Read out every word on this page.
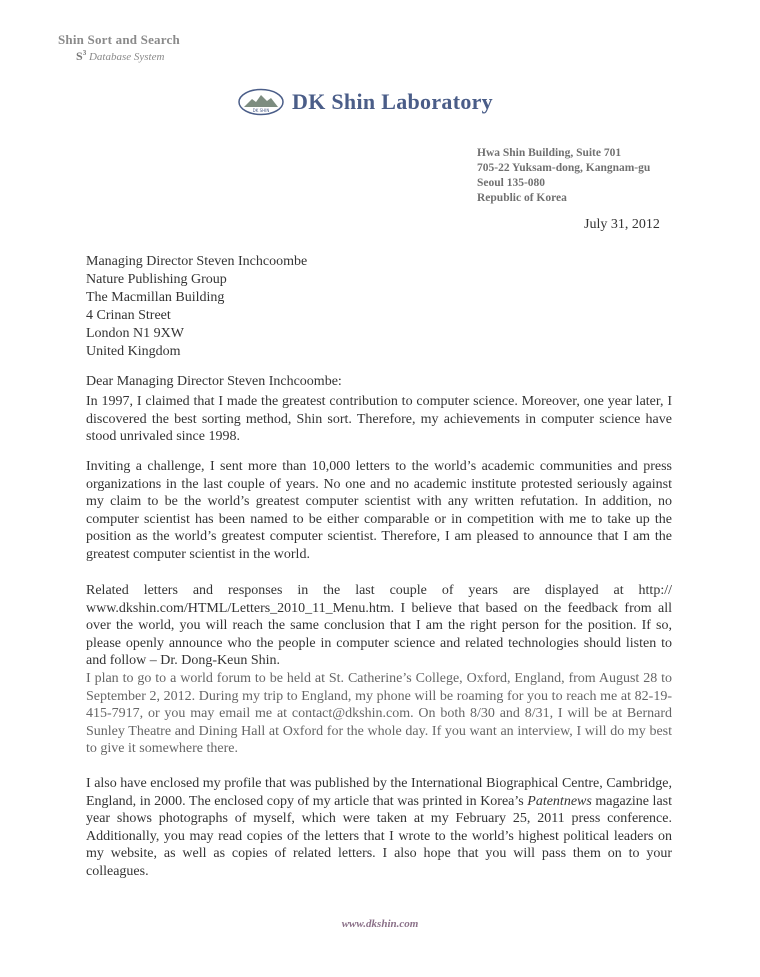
Shin Sort and Search
$S^3$ Database System
DK SHIN DK Shin Laboratory
Hwa Shin Building, Suite 701
705-22 Yuksam-dong, Kangnam-gu
Seoul 135-080
Republic of Korea
July 31, 2012
Managing Director Steven Inchcoombe
Nature Publishing Group
The Macmillan Building
4 Crinan Street
London N1 9XW
United Kingdom
Dear Managing Director Steven Inchcoombe:

In 1997, I claimed that I made the greatest contribution to computer science. Moreover, one year later, I discovered the best sorting method, Shin sort. Therefore, my achievements in computer science have stood unrivaled since 1998.

Inviting a challenge, I sent more than 10,000 letters to the world’s academic communities and press organizations in the last couple of years. No one and no academic institute protested seriously against my claim to be the world’s greatest computer scientist with any written refutation. In addition, no computer scientist has been named to be either comparable or in competition with me to take up the position as the world’s greatest computer scientist. Therefore, I am pleased to announce that I am the greatest computer scientist in the world.

Related letters and responses in the last couple of years are displayed at http:// www.dkshin.com/HTML/Letters_2010_11_Menu.htm. I believe that based on the feedback from all over the world, you will reach the same conclusion that I am the right person for the position. If so, please openly announce who the people in computer science and related technologies should listen to and follow – Dr. Dong-Keun Shin.

I plan to go to a world forum to be held at St. Catherine’s College, Oxford, England, from August 28 to September 2, 2012. During my trip to England, my phone will be roaming for you to reach me at 82-19-415-7917, or you may email me at contact@dkshin.com. On both 8/30 and 8/31, I will be at Bernard Sunley Theatre and Dining Hall at Oxford for the whole day. If you want an interview, I will do my best to give it somewhere there.

I also have enclosed my profile that was published by the International Biographical Centre, Cambridge, England, in 2000. The enclosed copy of my article that was printed in Korea’s Patentnews magazine last year shows photographs of myself, which were taken at my February 25, 2011 press conference. Additionally, you may read copies of the letters that I wrote to the world’s highest political leaders on my website, as well as copies of related letters. I also hope that you will pass them on to your colleagues.

www.dkshin.com
